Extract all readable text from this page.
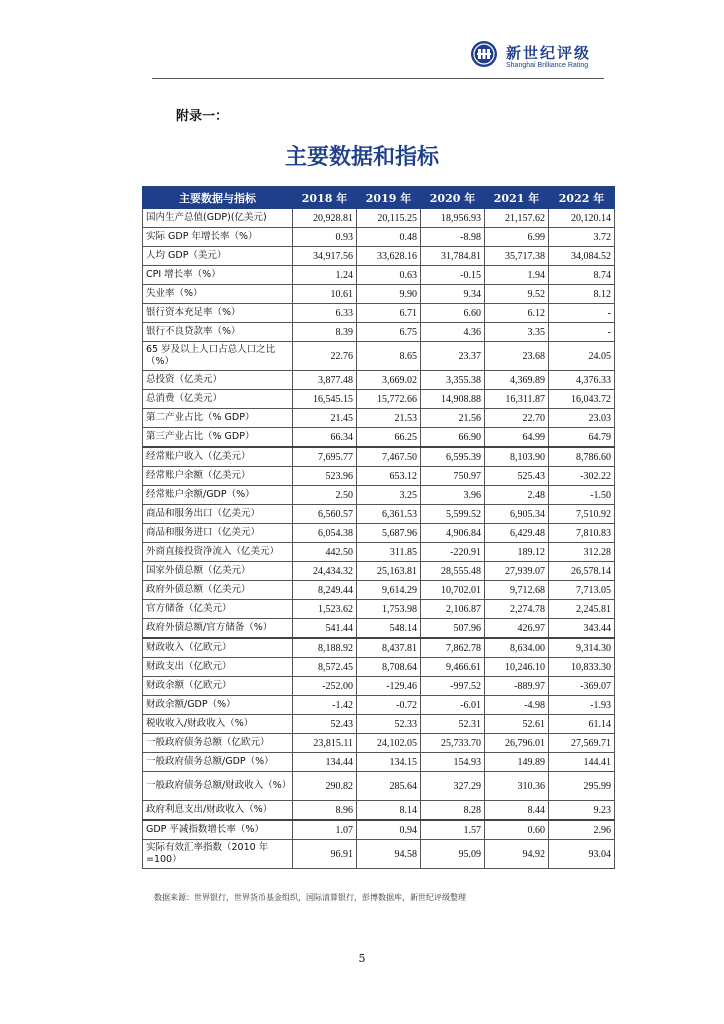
新世纪评级
Shanghai Brilliance Rating
附录一：
主要数据和指标
主要数据与指标	2018 年	2019 年	2020 年	2021 年	2022 年
国内生产总值(GDP)(亿美元)	20,928.81	20,115.25	18,956.93	21,157.62	20,120.14
实际 GDP 年增长率（%）	0.93	0.48	-8.98	6.99	3.72
人均 GDP（美元）	34,917.56	33,628.16	31,784.81	35,717.38	34,084.52
CPI 增长率（%）	1.24	0.63	-0.15	1.94	8.74
失业率（%）	10.61	9.90	9.34	9.52	8.12
银行资本充足率（%）	6.33	6.71	6.60	6.12	-
银行不良贷款率（%）	8.39	6.75	4.36	3.35	-
65 岁及以上人口占总人口之比（%）	22.76	8.65	23.37	23.68	24.05
总投资（亿美元）	3,877.48	3,669.02	3,355.38	4,369.89	4,376.33
总消费（亿美元）	16,545.15	15,772.66	14,908.88	16,311.87	16,043.72
第二产业占比（% GDP）	21.45	21.53	21.56	22.70	23.03
第三产业占比（% GDP）	66.34	66.25	66.90	64.99	64.79
经常账户收入（亿美元）	7,695.77	7,467.50	6,595.39	8,103.90	8,786.60
经常账户余额（亿美元）	523.96	653.12	750.97	525.43	-302.22
经常账户余额/GDP（%）	2.50	3.25	3.96	2.48	-1.50
商品和服务出口（亿美元）	6,560.57	6,361.53	5,599.52	6,905.34	7,510.92
商品和服务进口（亿美元）	6,054.38	5,687.96	4,906.84	6,429.48	7,810.83
外商直接投资净流入（亿美元）	442.50	311.85	-220.91	189.12	312.28
国家外债总额（亿美元）	24,434.32	25,163.81	28,555.48	27,939.07	26,578.14
政府外债总额（亿美元）	8,249.44	9,614.29	10,702.01	9,712.68	7,713.05
官方储备（亿美元）	1,523.62	1,753.98	2,106.87	2,274.78	2,245.81
政府外债总额/官方储备（%）	541.44	548.14	507.96	426.97	343.44
财政收入（亿欧元）	8,188.92	8,437.81	7,862.78	8,634.00	9,314.30
财政支出（亿欧元）	8,572.45	8,708.64	9,466.61	10,246.10	10,833.30
财政余额（亿欧元）	-252.00	-129.46	-997.52	-889.97	-369.07
财政余额/GDP（%）	-1.42	-0.72	-6.01	-4.98	-1.93
税收收入/财政收入（%）	52.43	52.33	52.31	52.61	61.14
一般政府债务总额（亿欧元）	23,815.11	24,102.05	25,733.70	26,796.01	27,569.71
一般政府债务总额/GDP（%）	134.44	134.15	154.93	149.89	144.41
一般政府债务总额/财政收入（%）	290.82	285.64	327.29	310.36	295.99
政府利息支出/财政收入（%）	8.96	8.14	8.28	8.44	9.23
GDP 平减指数增长率（%）	1.07	0.94	1.57	0.60	2.96
实际有效汇率指数（2010 年=100）	96.91	94.58	95.09	94.92	93.04
数据来源：世界银行，世界货币基金组织，国际清算银行，彭博数据库，新世纪评级整理
5
